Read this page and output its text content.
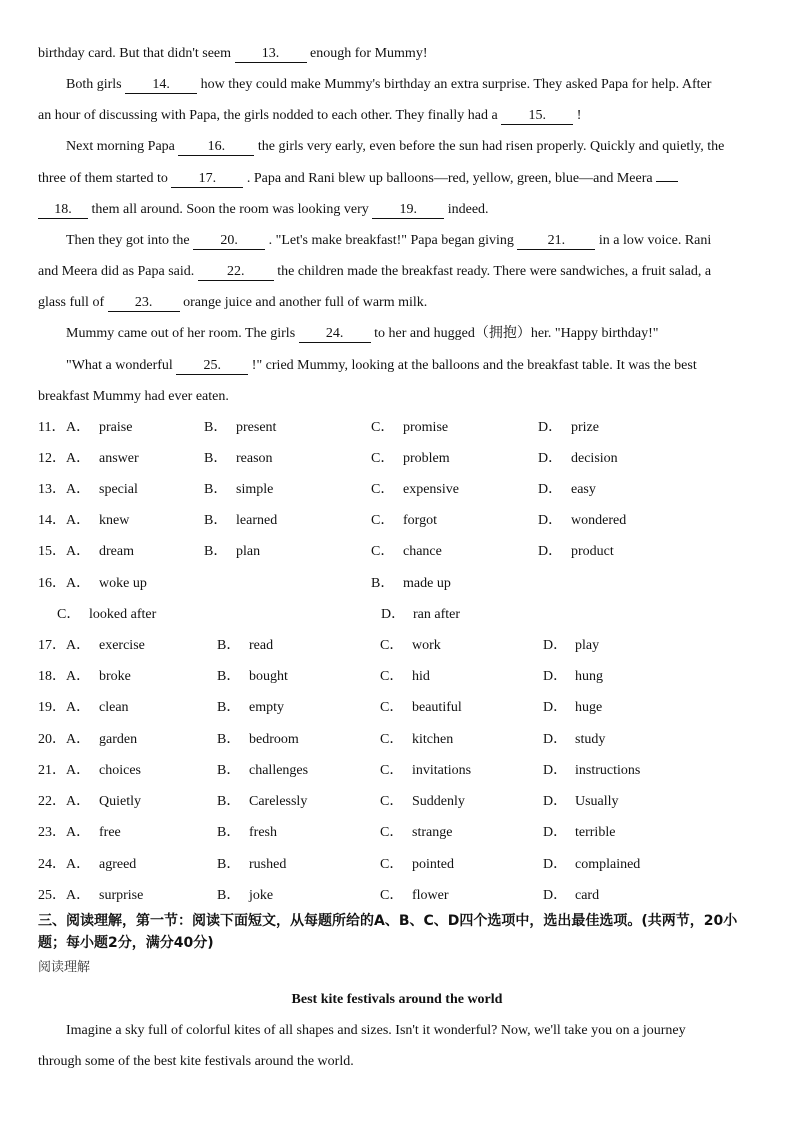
birthday card. But that didn't seem 13. enough for Mummy!
Both girls 14. how they could make Mummy's birthday an extra surprise. They asked Papa for help. After
an hour of discussing with Papa, the girls nodded to each other. They finally had a 15. !
Next morning Papa 16. the girls very early, even before the sun had risen properly. Quickly and quietly, the
three of them started to 17. . Papa and Rani blew up balloons—red, yellow, green, blue—and Meera
18. them all around. Soon the room was looking very 19. indeed.
Then they got into the 20. . "Let's make breakfast!" Papa began giving 21. in a low voice. Rani
and Meera did as Papa said. 22. the children made the breakfast ready. There were sandwiches, a fruit salad, a
glass full of 23. orange juice and another full of warm milk.
Mummy came out of her room. The girls 24. to her and hugged（拥抱）her. "Happy birthday!"
"What a wonderful 25. !" cried Mummy, looking at the balloons and the breakfast table. It was the best
breakfast Mummy had ever eaten.
11． A． praise	B． present	C． promise	D． prize
12． A． answer	B． reason	C． problem	D． decision
13． A． special	B． simple	C． expensive	D． easy
14． A． knew	B． learned	C． forgot	D． wondered
15． A． dream	B． plan	C． chance	D． product
16． A． woke up	B． made up
C． looked after	D． ran after
17． A． exercise	B． read	C． work	D． play
18． A． broke	B． bought	C． hid	D． hung
19． A． clean	B． empty	C． beautiful	D． huge
20． A． garden	B． bedroom	C． kitchen	D． study
21． A． choices	B． challenges	C． invitations	D． instructions
22． A． Quietly	B． Carelessly	C． Suddenly	D． Usually
23． A． free	B． fresh	C． strange	D． terrible
24． A． agreed	B． rushed	C． pointed	D． complained
25． A． surprise	B． joke	C． flower	D． card
三、阅读理解，第一节：阅读下面短文，从每题所给的A、B、C、D四个选项中，选出最佳选项。(共两节，20小题；每小题2分，满分40分)
阅读理解
Best kite festivals around the world
Imagine a sky full of colorful kites of all shapes and sizes. Isn't it wonderful? Now, we'll take you on a journey
through some of the best kite festivals around the world.
